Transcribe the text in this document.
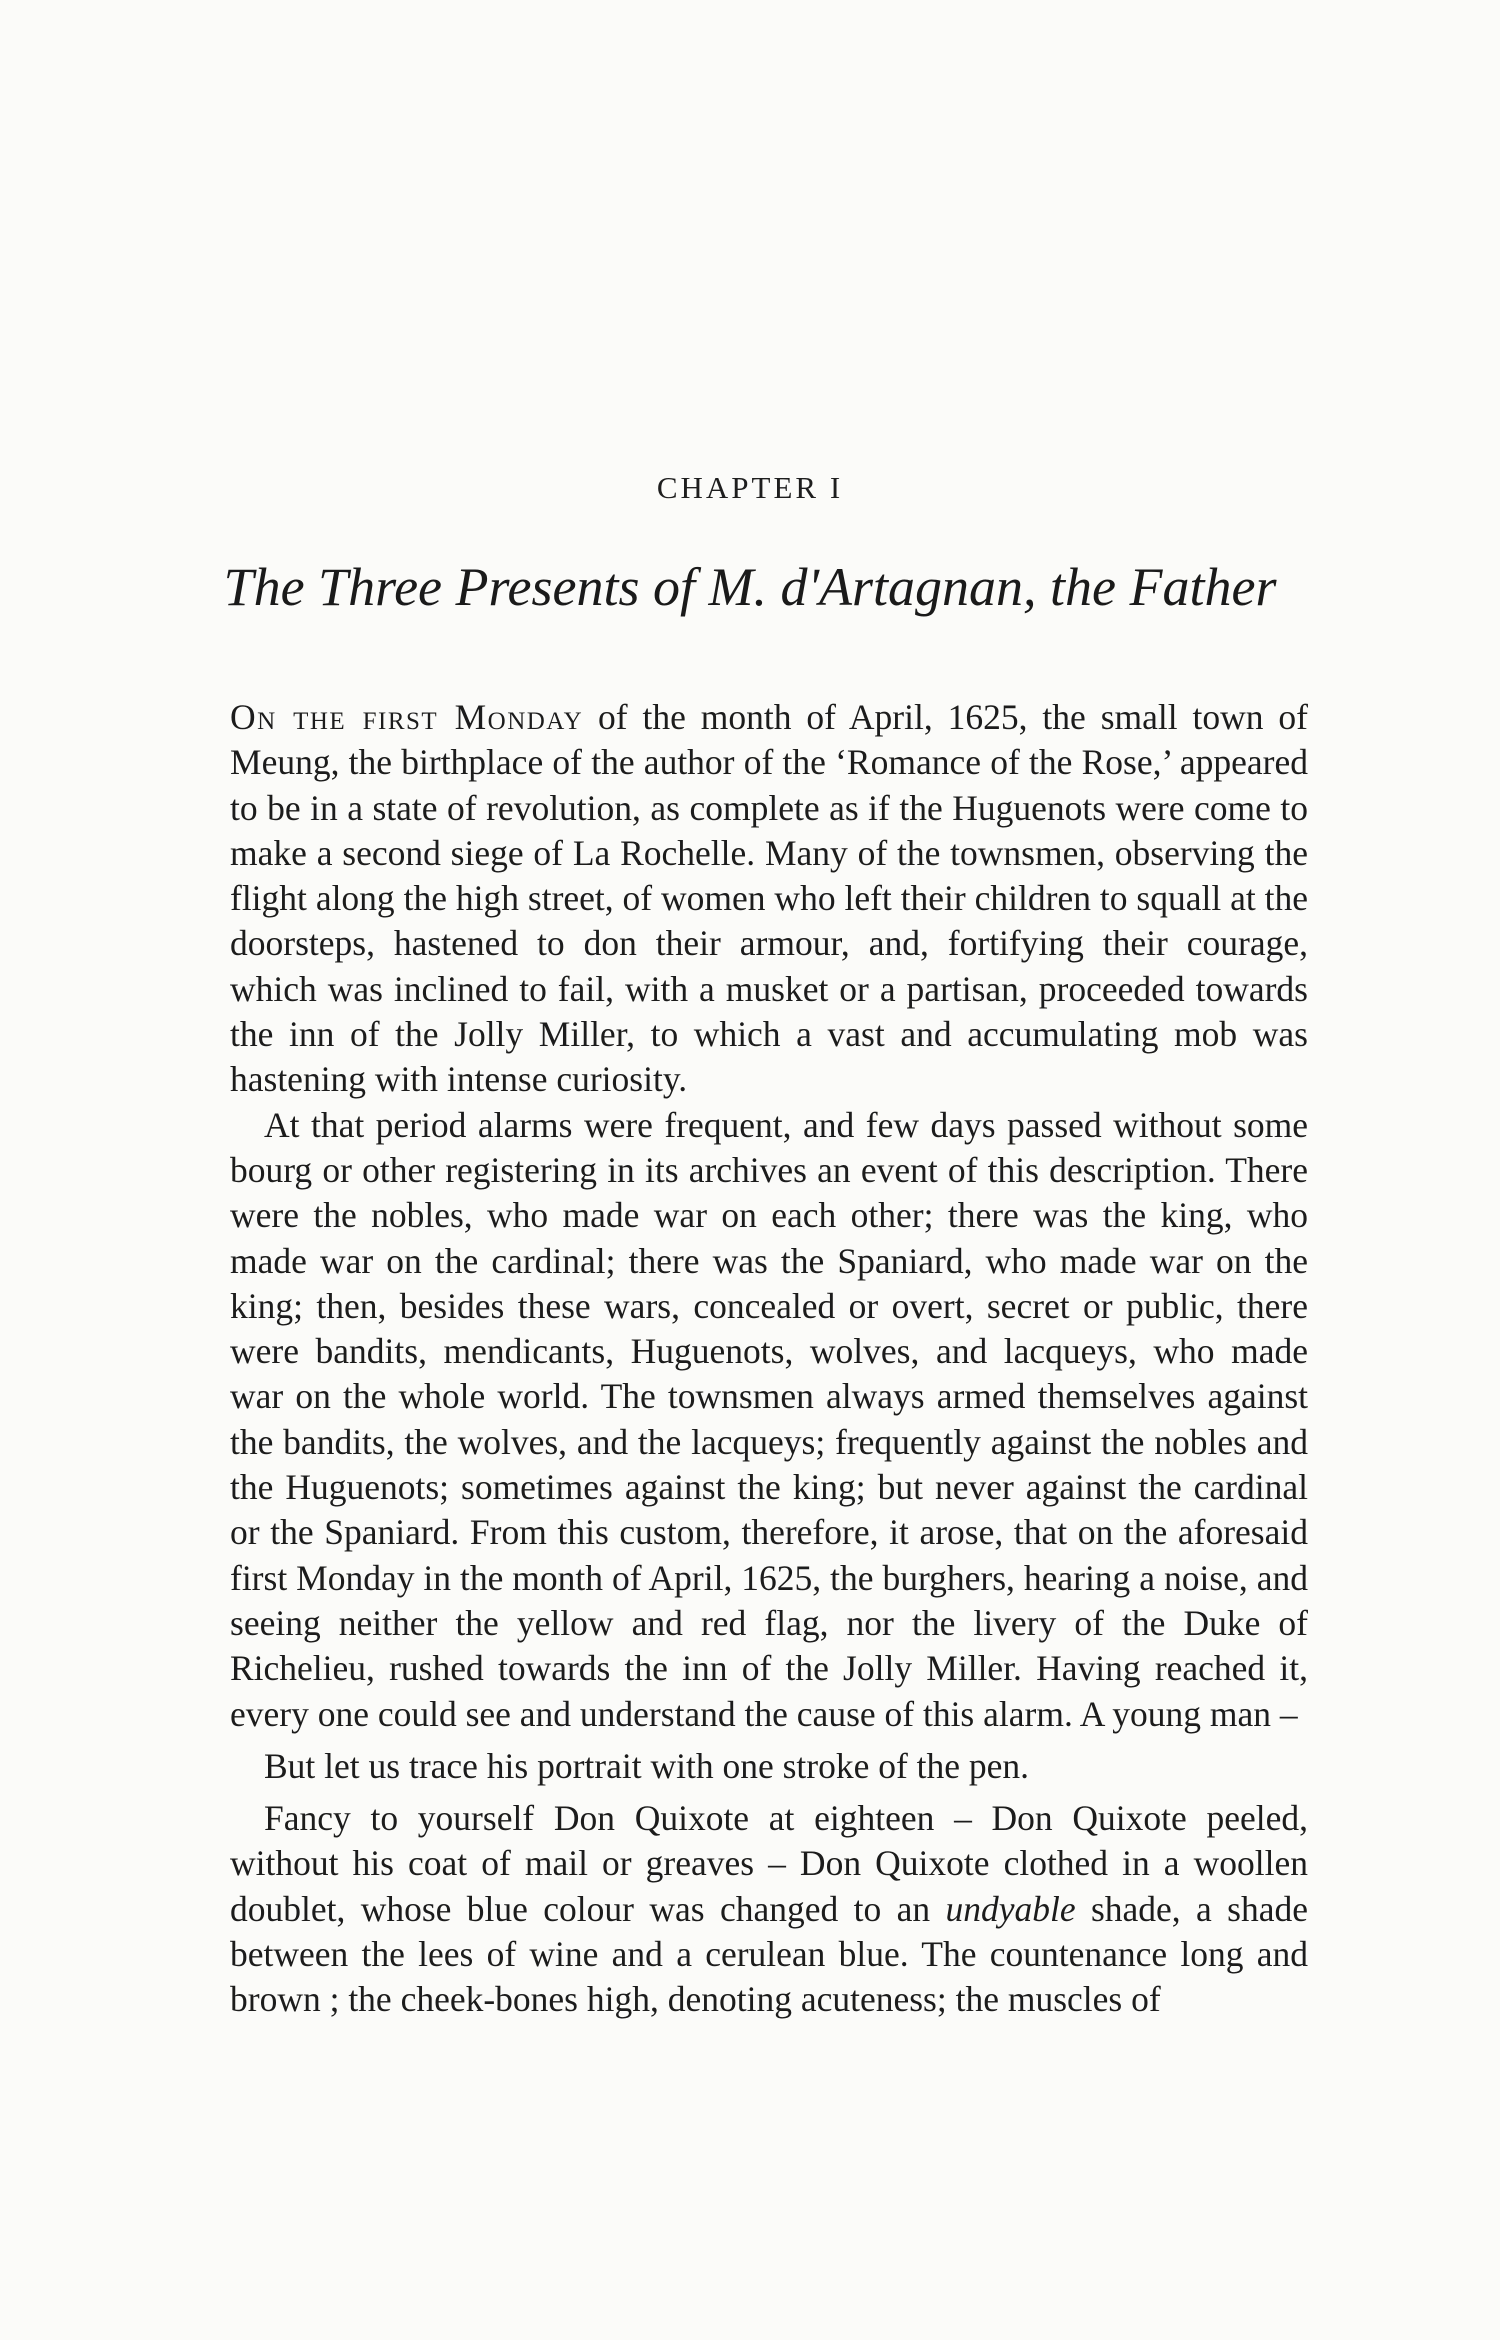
CHAPTER I
The Three Presents of M. d'Artagnan, the Father

On the first Monday of the month of April, 1625, the small town of Meung, the birthplace of the author of the ‘Romance of the Rose,’ appeared to be in a state of revolution, as complete as if the Huguenots were come to make a second siege of La Rochelle. Many of the townsmen, observing the flight along the high street, of women who left their children to squall at the doorsteps, hastened to don their armour, and, fortifying their courage, which was inclined to fail, with a musket or a partisan, proceeded towards the inn of the Jolly Miller, to which a vast and accumulating mob was hastening with intense curiosity.

At that period alarms were frequent, and few days passed without some bourg or other registering in its archives an event of this description. There were the nobles, who made war on each other; there was the king, who made war on the cardinal; there was the Spaniard, who made war on the king; then, besides these wars, concealed or overt, secret or public, there were bandits, mendicants, Huguenots, wolves, and lacqueys, who made war on the whole world. The townsmen always armed themselves against the bandits, the wolves, and the lacqueys; frequently against the nobles and the Huguenots; sometimes against the king; but never against the cardinal or the Spaniard. From this custom, therefore, it arose, that on the aforesaid first Monday in the month of April, 1625, the burghers, hearing a noise, and seeing neither the yellow and red flag, nor the livery of the Duke of Richelieu, rushed towards the inn of the Jolly Miller. Having reached it, every one could see and understand the cause of this alarm. A young man –

But let us trace his portrait with one stroke of the pen.

Fancy to yourself Don Quixote at eighteen – Don Quixote peeled, without his coat of mail or greaves – Don Quixote clothed in a woollen doublet, whose blue colour was changed to an undyable shade, a shade between the lees of wine and a cerulean blue. The countenance long and brown ; the cheek-bones high, denoting acuteness; the muscles of
